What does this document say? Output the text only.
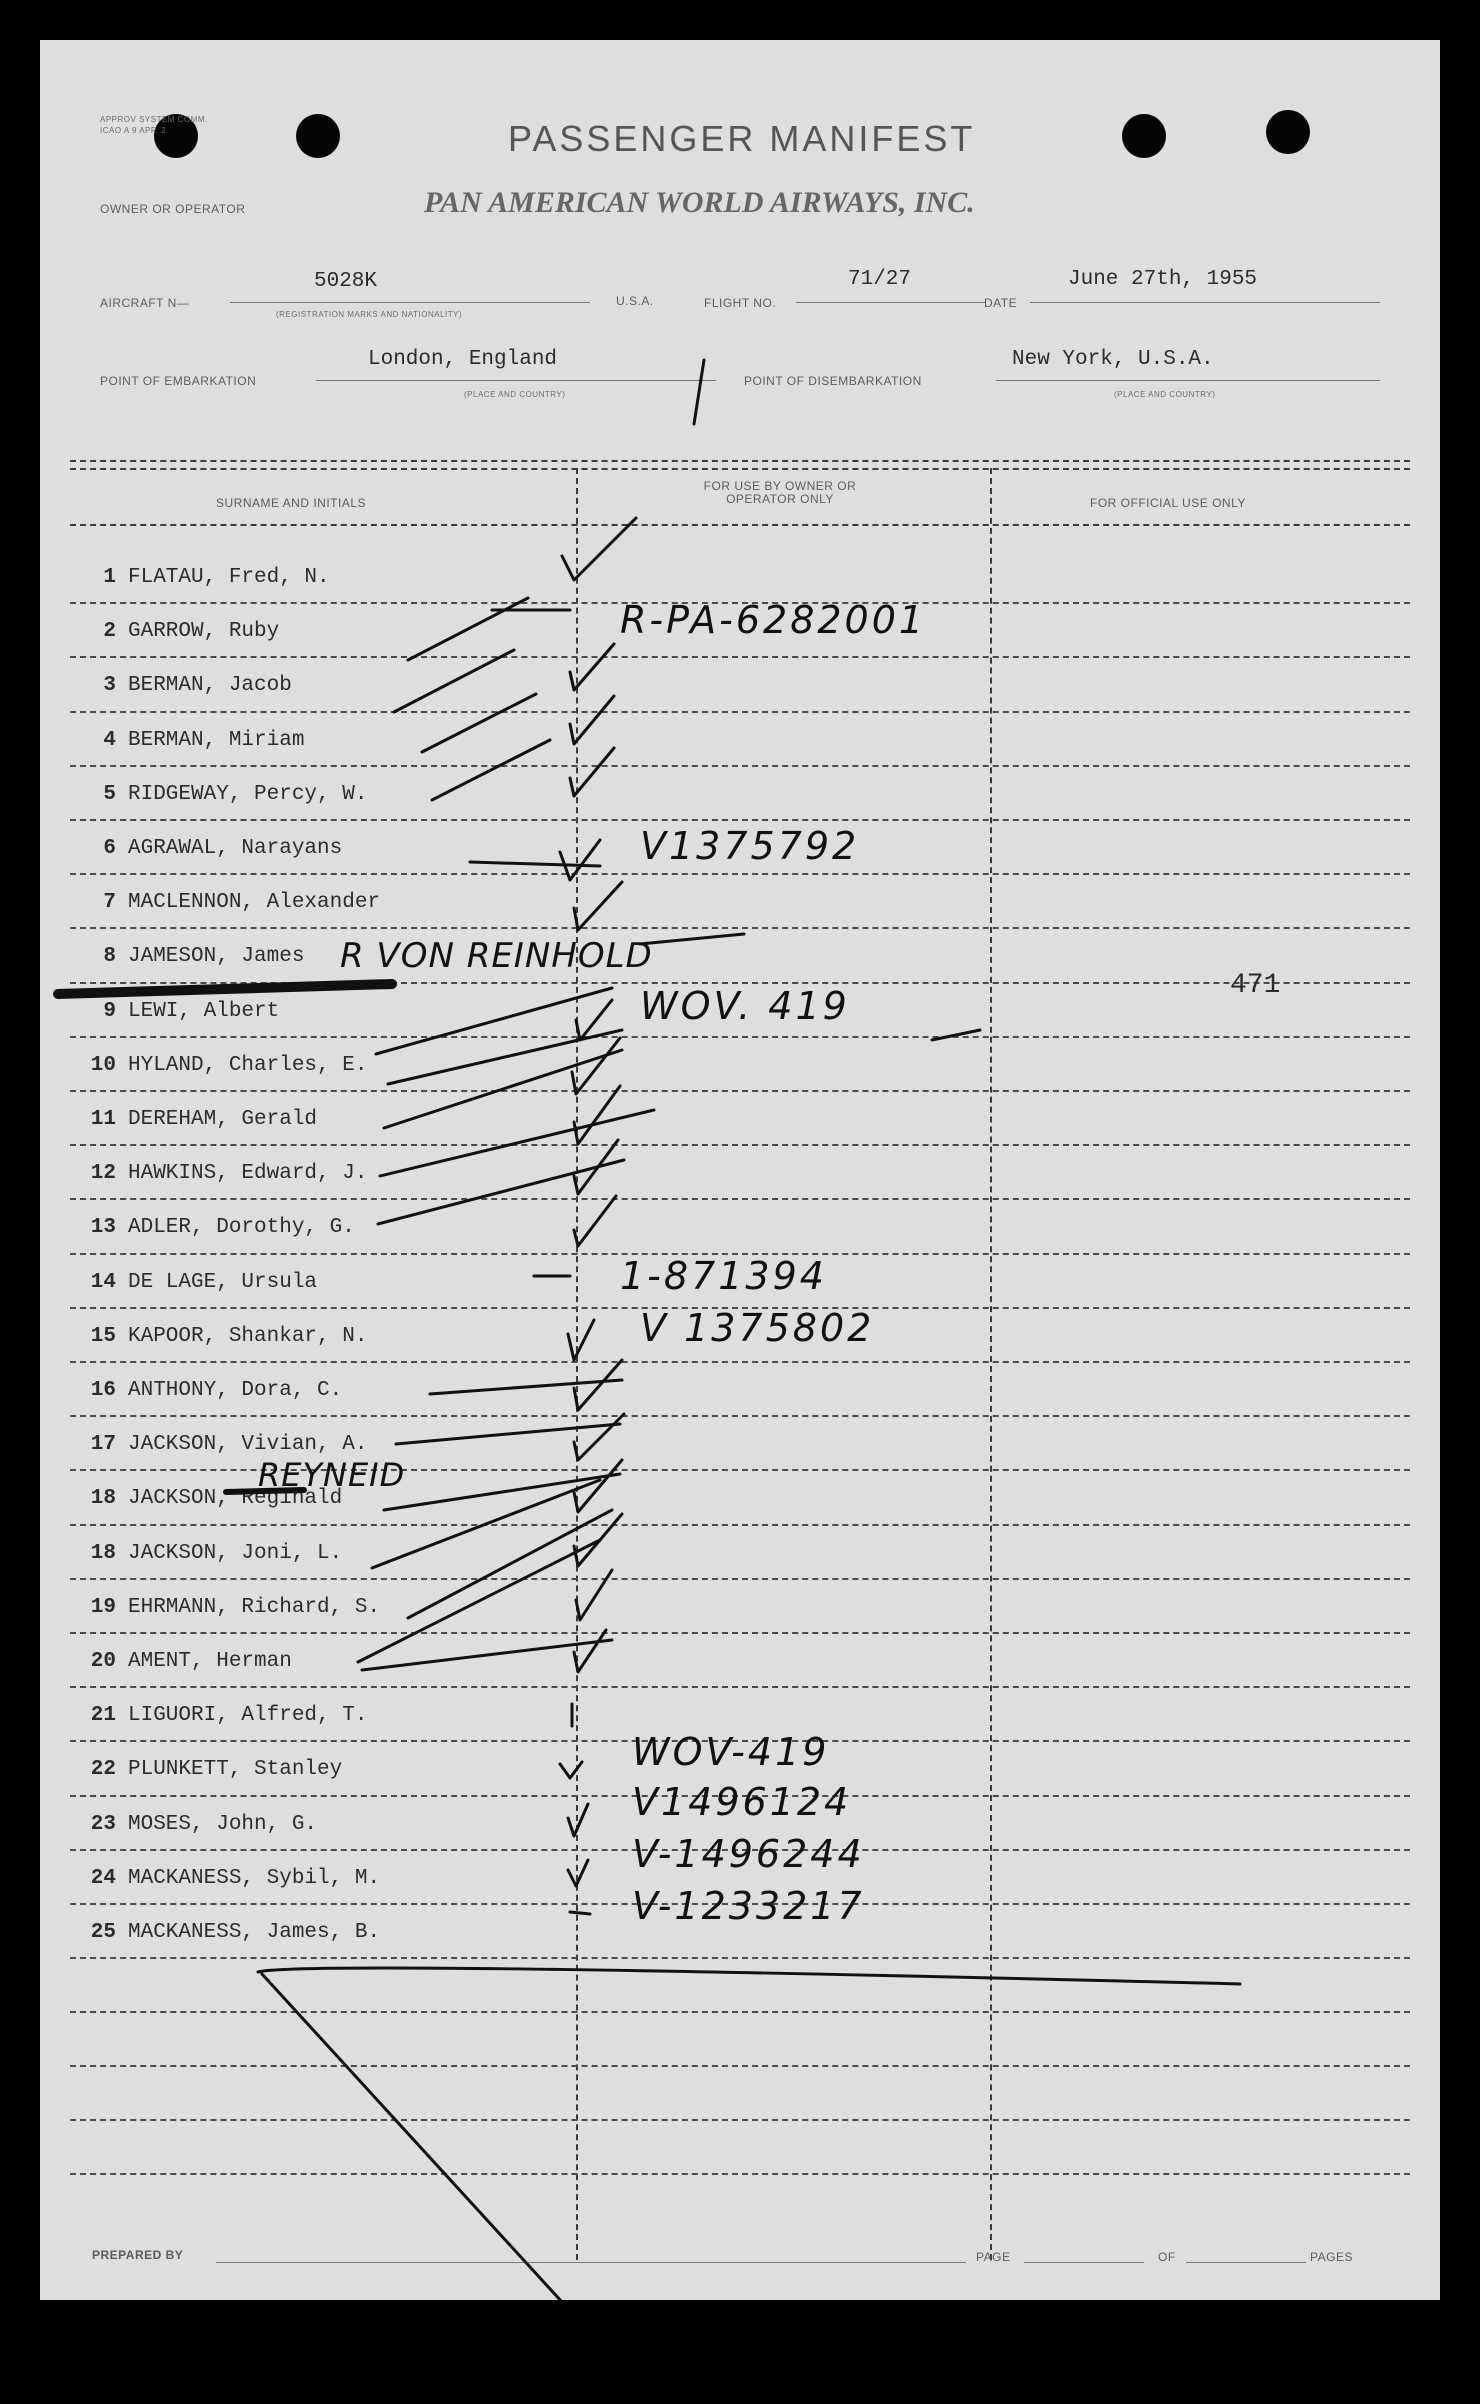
APPROV SYSTEM COMM. ICAO A 9 APP. 2	PASSENGER MANIFEST
OWNER OR OPERATOR	PAN AMERICAN WORLD AIRWAYS, INC.
AIRCRAFT N—
5028K
(REGISTRATION MARKS AND NATIONALITY)
U.S.A.	FLIGHT NO.
71/27
DATE
June 27th, 1955
POINT OF EMBARKATION
London, England
(PLACE AND COUNTRY)
POINT OF DISEMBARKATION
New York, U.S.A.
(PLACE AND COUNTRY)
SURNAME AND INITIALS
FOR USE BY OWNER OR OPERATOR ONLY	FOR OFFICIAL USE ONLY
1 FLATAU, Fred, N.
2 GARROW, Ruby
3 BERMAN, Jacob
4 BERMAN, Miriam
5 RIDGEWAY, Percy, W.
6 AGRAWAL, Narayans
7 MACLENNON, Alexander
8 JAMESON, James
9 LEWI, Albert
10 HYLAND, Charles, E.
11 DEREHAM, Gerald
12 HAWKINS, Edward, J.
13 ADLER, Dorothy, G.
14 DE LAGE, Ursula
15 KAPOOR, Shankar, N.
16 ANTHONY, Dora, C.
17 JACKSON, Vivian, A.
18 JACKSON, Reginald
18 JACKSON, Joni, L.
19 EHRMANN, Richard, S.
20 AMENT, Herman
21 LIGUORI, Alfred, T.
22 PLUNKETT, Stanley
23 MOSES, John, G.
24 MACKANESS, Sybil, M.
25 MACKANESS, James, B.
PREPARED BY	PAGE	OF	PAGES
R-PA-6282001
V1375792
R VON REINHOLD
WOV. 419	471
1-871394
V 1375802
REYNEID
WOV-419
V1496124
V-1496244
V-1233217
